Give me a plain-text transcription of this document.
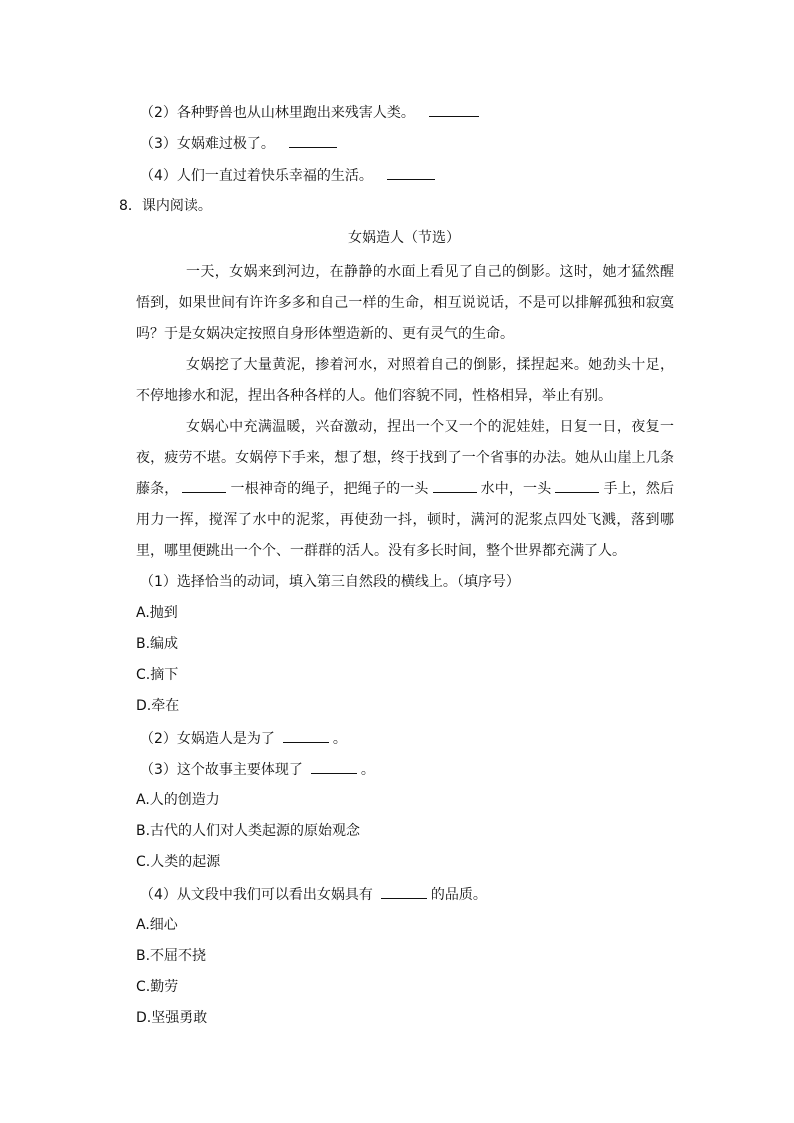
（2）各种野兽也从山林里跑出来残害人类。
（3）女娲难过极了。
（4）人们一直过着快乐幸福的生活。
8．课内阅读。
女娲造人（节选）
一天，女娲来到河边，在静静的水面上看见了自己的倒影。这时，她才猛然醒悟到，如果世间有许许多多和自己一样的生命，相互说说话，不是可以排解孤独和寂寞吗？于是女娲决定按照自身形体塑造新的、更有灵气的生命。
女娲挖了大量黄泥，掺着河水，对照着自己的倒影，揉捏起来。她劲头十足，不停地掺水和泥，捏出各种各样的人。他们容貌不同，性格相异，举止有别。
女娲心中充满温暖，兴奋激动，捏出一个又一个的泥娃娃，日复一日，夜复一夜，疲劳不堪。女娲停下手来，想了想，终于找到了一个省事的办法。她从山崖上几条藤条，	一根神奇的绳子，把绳子的一头	水中，一头	手上，然后用力一挥，搅浑了水中的泥浆，再使劲一抖，顿时，满河的泥浆点四处飞溅，落到哪里，哪里便跳出一个个、一群群的活人。没有多长时间，整个世界都充满了人。
（1）选择恰当的动词，填入第三自然段的横线上。（填序号）
A.抛到
B.编成
C.摘下
D.牵在
（2）女娲造人是为了	。
（3）这个故事主要体现了	。
A.人的创造力
B.古代的人们对人类起源的原始观念
C.人类的起源
（4）从文段中我们可以看出女娲具有	的品质。
A.细心
B.不屈不挠
C.勤劳
D.坚强勇敢
